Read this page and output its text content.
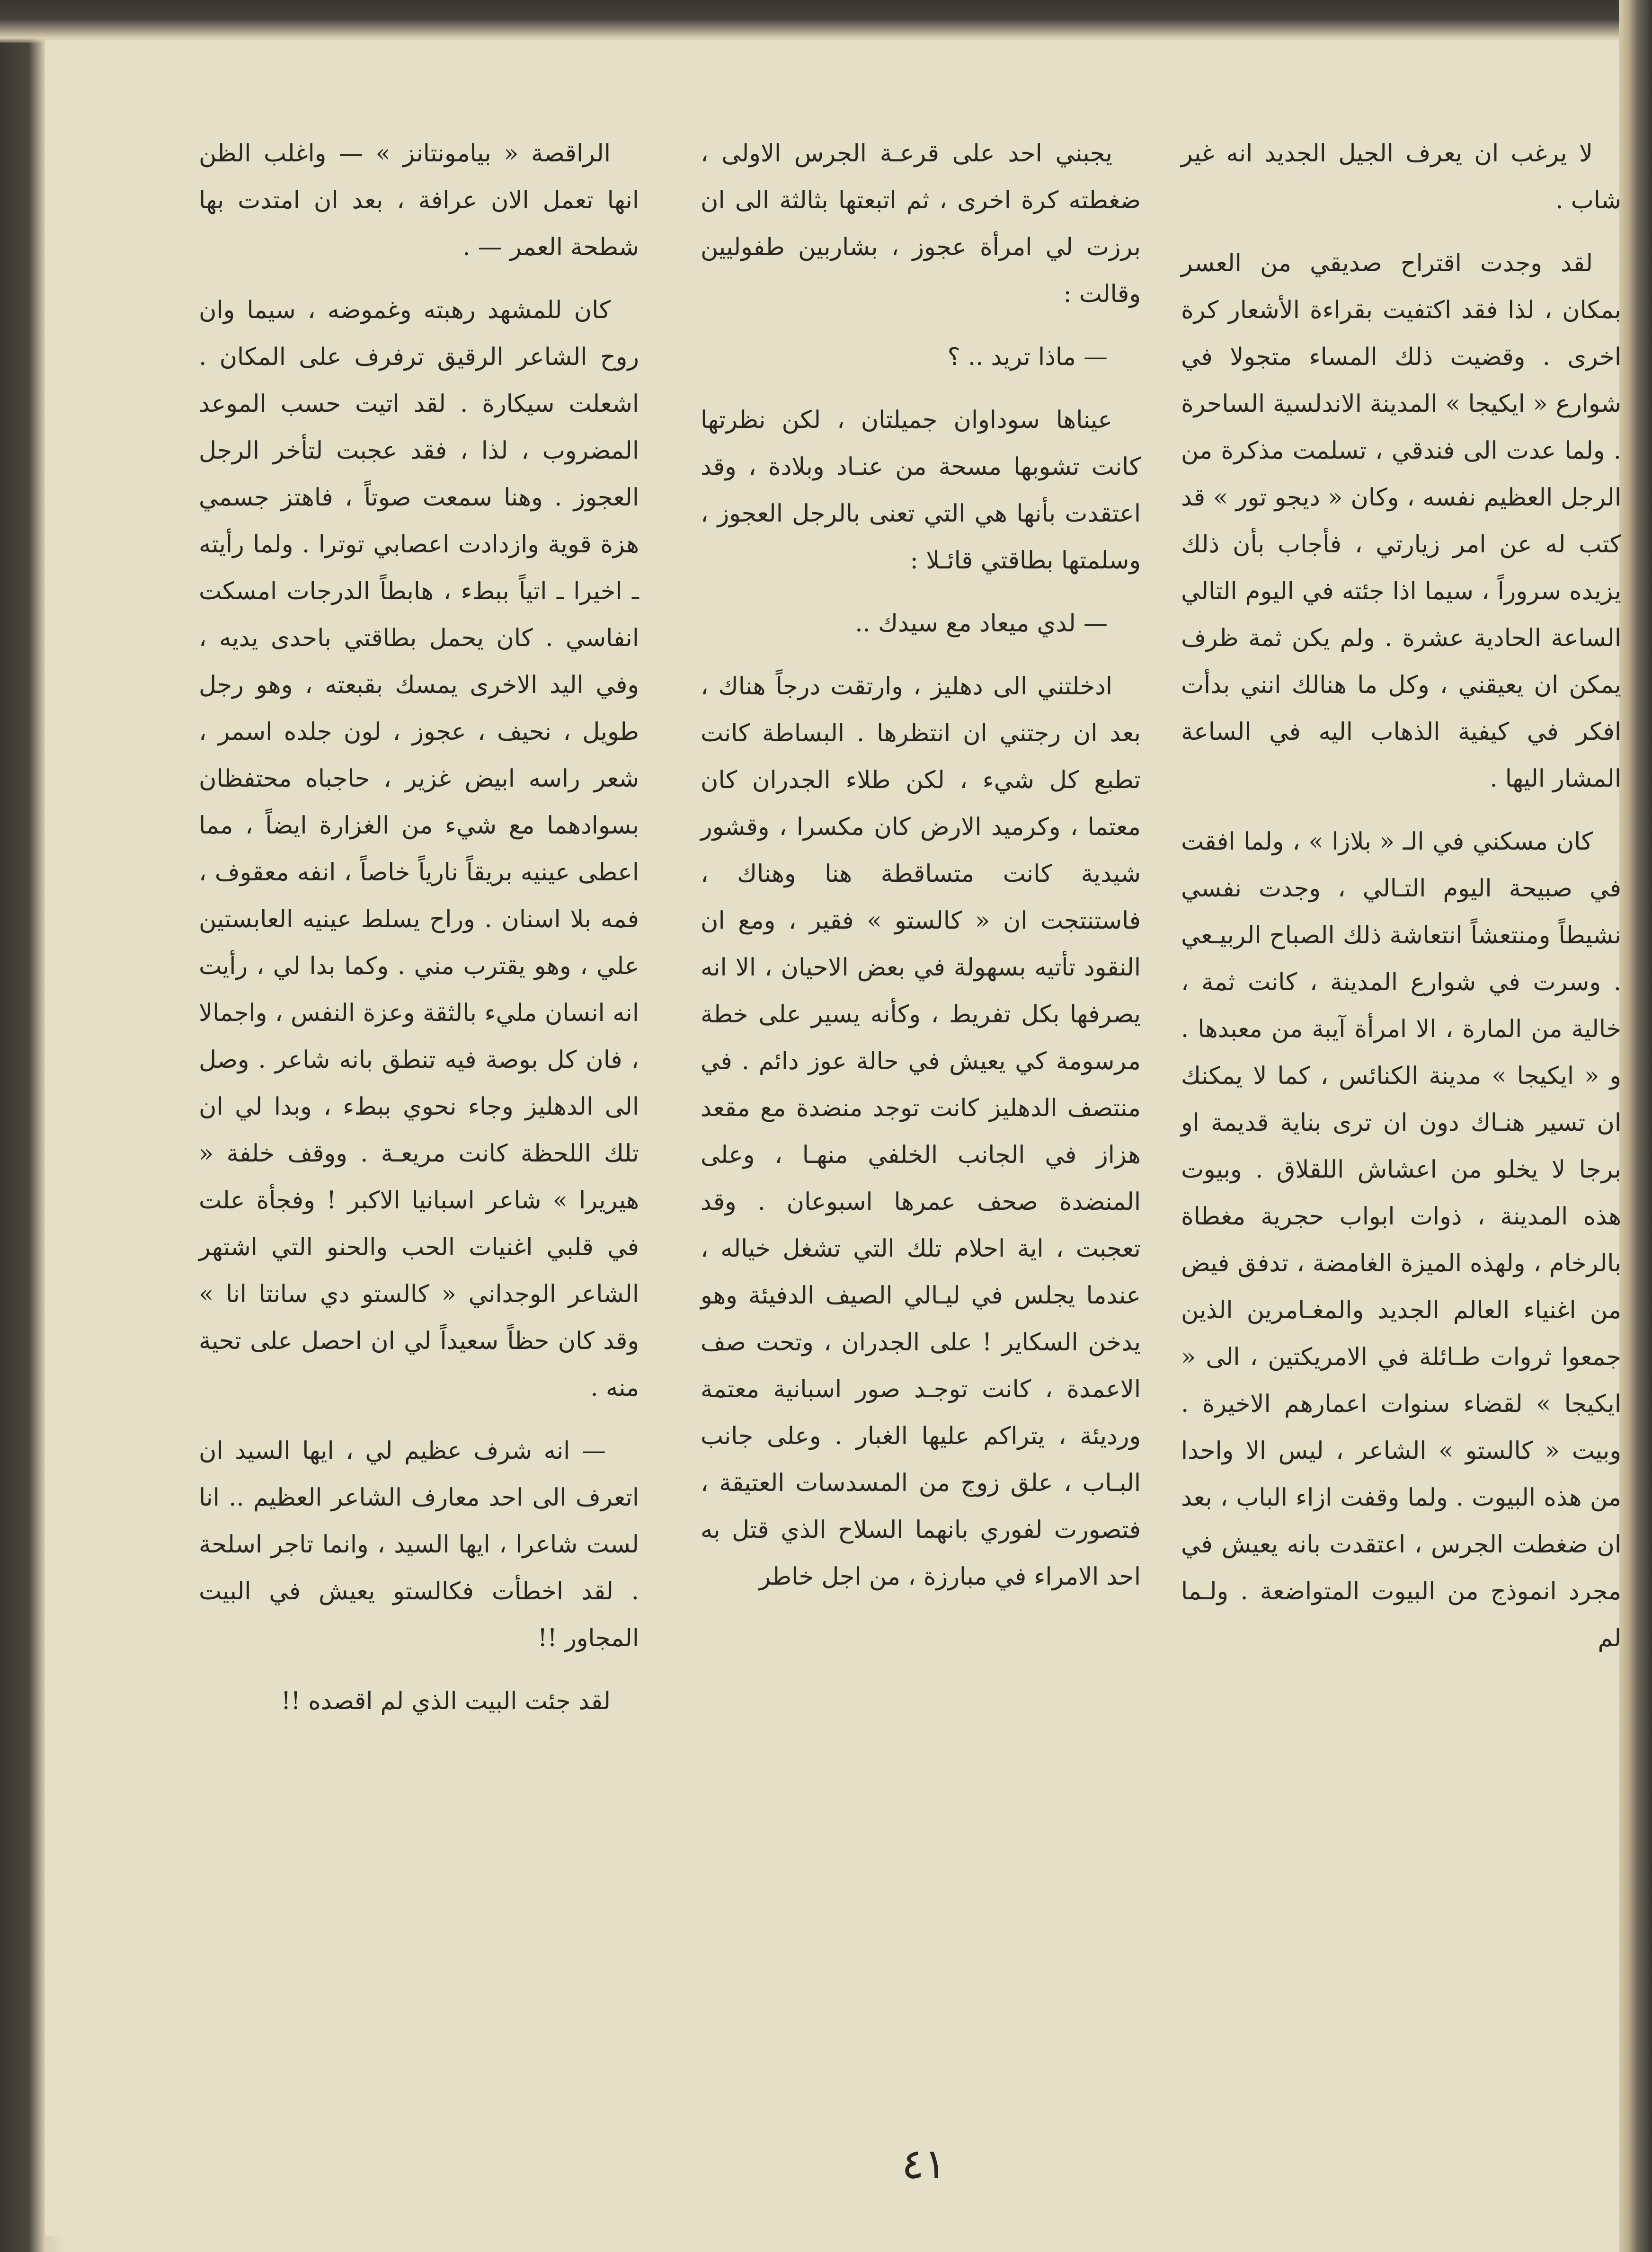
لا يرغب ان يعرف الجيل الجديد انه غير شاب .

لقد وجدت اقتراح صديقي من العسر بمكان ، لذا فقد اكتفيت بقراءة الأشعار كرة اخرى . وقضيت ذلك المساء متجولا في شوارع « ايكيجا » المدينة الاندلسية الساحرة . ولما عدت الى فندقي ، تسلمت مذكرة من الرجل العظيم نفسه ، وكان « ديجو تور » قد كتب له عن امر زيارتي ، فأجاب بأن ذلك يزيده سروراً ، سيما اذا جئته في اليوم التالي الساعة الحادية عشرة . ولم يكن ثمة ظرف يمكن ان يعيقني ، وكل ما هنالك انني بدأت افكر في كيفية الذهاب اليه في الساعة المشار اليها .

كان مسكني في الـ « بلازا » ، ولما افقت في صبيحة اليوم التـالي ، وجدت نفسي نشيطاً ومنتعشاً انتعاشة ذلك الصباح الربيـعي . وسرت في شوارع المدينة ، كانت ثمة ، خالية من المارة ، الا امرأة آيبة من معبدها . و « ايكيجا » مدينة الكنائس ، كما لا يمكنك ان تسير هنـاك دون ان ترى بناية قديمة او برجا لا يخلو من اعشاش اللقلاق . وبيوت هذه المدينة ، ذوات ابواب حجرية مغطاة بالرخام ، ولهذه الميزة الغامضة ، تدفق فيض من اغنياء العالم الجديد والمغـامرين الذين جمعوا ثروات طـائلة في الامريكتين ، الى « ايكيجا » لقضاء سنوات اعمارهم الاخيرة . وبيت « كالستو » الشاعر ، ليس الا واحدا من هذه البيوت . ولما وقفت ازاء الباب ، بعد ان ضغطت الجرس ، اعتقدت بانه يعيش في مجرد انموذج من البيوت المتواضعة . ولـما لم

يجبني احد على قرعـة الجرس الاولى ، ضغطته كرة اخرى ، ثم اتبعتها بثالثة الى ان برزت لي امرأة عجوز ، بشاربين طفوليين وقالت :

— ماذا تريد .. ؟

عيناها سوداوان جميلتان ، لكن نظرتها كانت تشوبها مسحة من عنـاد وبلادة ، وقد اعتقدت بأنها هي التي تعنى بالرجل العجوز ، وسلمتها بطاقتي قائـلا :

— لدي ميعاد مع سيدك ..

ادخلتني الى دهليز ، وارتقت درجاً هناك ، بعد ان رجتني ان انتظرها . البساطة كانت تطبع كل شيء ، لكن طلاء الجدران كان معتما ، وكرميد الارض كان مكسرا ، وقشور شيدية كانت متساقطة هنا وهناك ، فاستنتجت ان « كالستو » فقير ، ومع ان النقود تأتيه بسهولة في بعض الاحيان ، الا انه يصرفها بكل تفريط ، وكأنه يسير على خطة مرسومة كي يعيش في حالة عوز دائم . في منتصف الدهليز كانت توجد منضدة مع مقعد هزاز في الجانب الخلفي منهـا ، وعلى المنضدة صحف عمرها اسبوعان . وقد تعجبت ، اية احلام تلك التي تشغل خياله ، عندما يجلس في ليـالي الصيف الدفيئة وهو يدخن السكاير ! على الجدران ، وتحت صف الاعمدة ، كانت توجـد صور اسبانية معتمة ورديئة ، يتراكم عليها الغبار . وعلى جانب البـاب ، علق زوج من المسدسات العتيقة ، فتصورت لفوري بانهما السلاح الذي قتل به احد الامراء في مبارزة ، من اجل خاطر

الراقصة « بيامونتانز » — واغلب الظن انها تعمل الان عرافة ، بعد ان امتدت بها شطحة العمر — .

كان للمشهد رهبته وغموضه ، سيما وان روح الشاعر الرقيق ترفرف على المكان . اشعلت سيكارة . لقد اتيت حسب الموعد المضروب ، لذا ، فقد عجبت لتأخر الرجل العجوز . وهنا سمعت صوتاً ، فاهتز جسمي هزة قوية وازدادت اعصابي توترا . ولما رأيته ـ اخيرا ـ اتياً ببطء ، هابطاً الدرجات امسكت انفاسي . كان يحمل بطاقتي باحدى يديه ، وفي اليد الاخرى يمسك بقبعته ، وهو رجل طويل ، نحيف ، عجوز ، لون جلده اسمر ، شعر راسه ابيض غزير ، حاجباه محتفظان بسوادهما مع شيء من الغزارة ايضاً ، مما اعطى عينيه بريقاً نارياً خاصاً ، انفه معقوف ، فمه بلا اسنان . وراح يسلط عينيه العابستين علي ، وهو يقترب مني . وكما بدا لي ، رأيت انه انسان مليء بالثقة وعزة النفس ، واجمالا ، فان كل بوصة فيه تنطق بانه شاعر . وصل الى الدهليز وجاء نحوي ببطء ، وبدا لي ان تلك اللحظة كانت مريعـة . ووقف خلفة « هيريرا » شاعر اسبانيا الاكبر ! وفجأة علت في قلبي اغنيات الحب والحنو التي اشتهر الشاعر الوجداني « كالستو دي سانتا انا » وقد كان حظاً سعيداً لي ان احصل على تحية منه .

— انه شرف عظيم لي ، ايها السيد ان اتعرف الى احد معارف الشاعر العظيم .. انا لست شاعرا ، ايها السيد ، وانما تاجر اسلحة . لقد اخطأت فكالستو يعيش في البيت المجاور !!

لقد جئت البيت الذي لم اقصده !!

٤١
